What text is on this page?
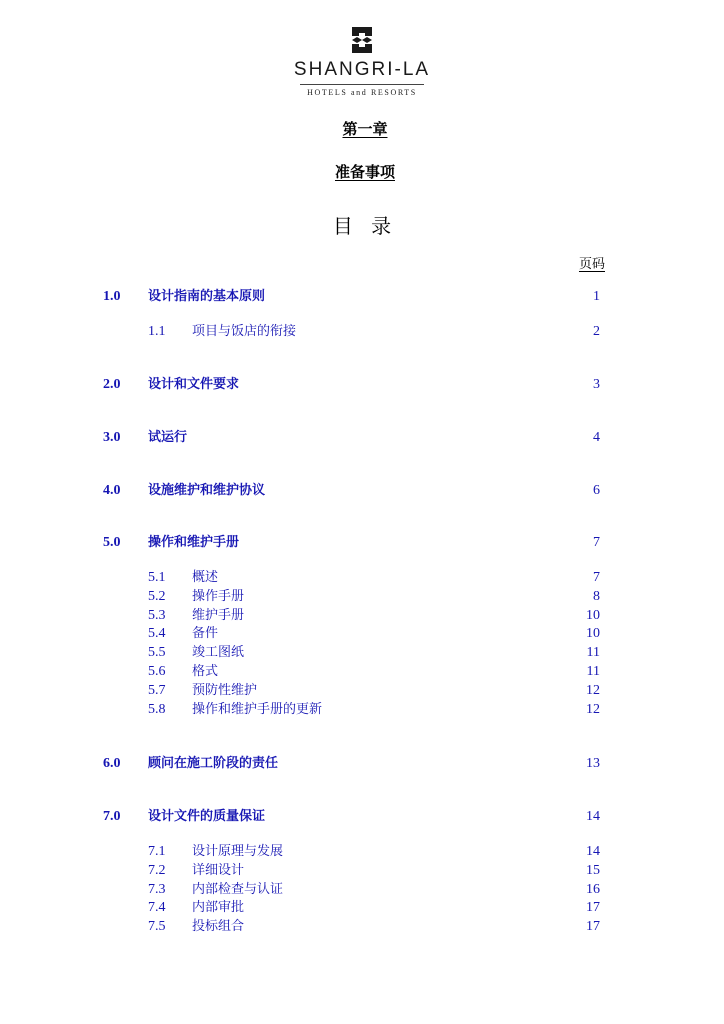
SHANGRI-LA
HOTELS and RESORTS
第一章
准备事项
目 录
页码
1.0 设计指南的基本原则	1
1.1 项目与饭店的衔接	2
2.0 设计和文件要求	3
3.0 试运行	4
4.0 设施维护和维护协议	6
5.0 操作和维护手册	7
5.1 概述	7
5.2 操作手册	8
5.3 维护手册	10
5.4 备件	10
5.5 竣工图纸	11
5.6 格式	11
5.7 预防性维护	12
5.8 操作和维护手册的更新	12
6.0 顾问在施工阶段的责任	13
7.0 设计文件的质量保证	14
7.1 设计原理与发展	14
7.2 详细设计	15
7.3 内部检查与认证	16
7.4 内部审批	17
7.5 投标组合	17
